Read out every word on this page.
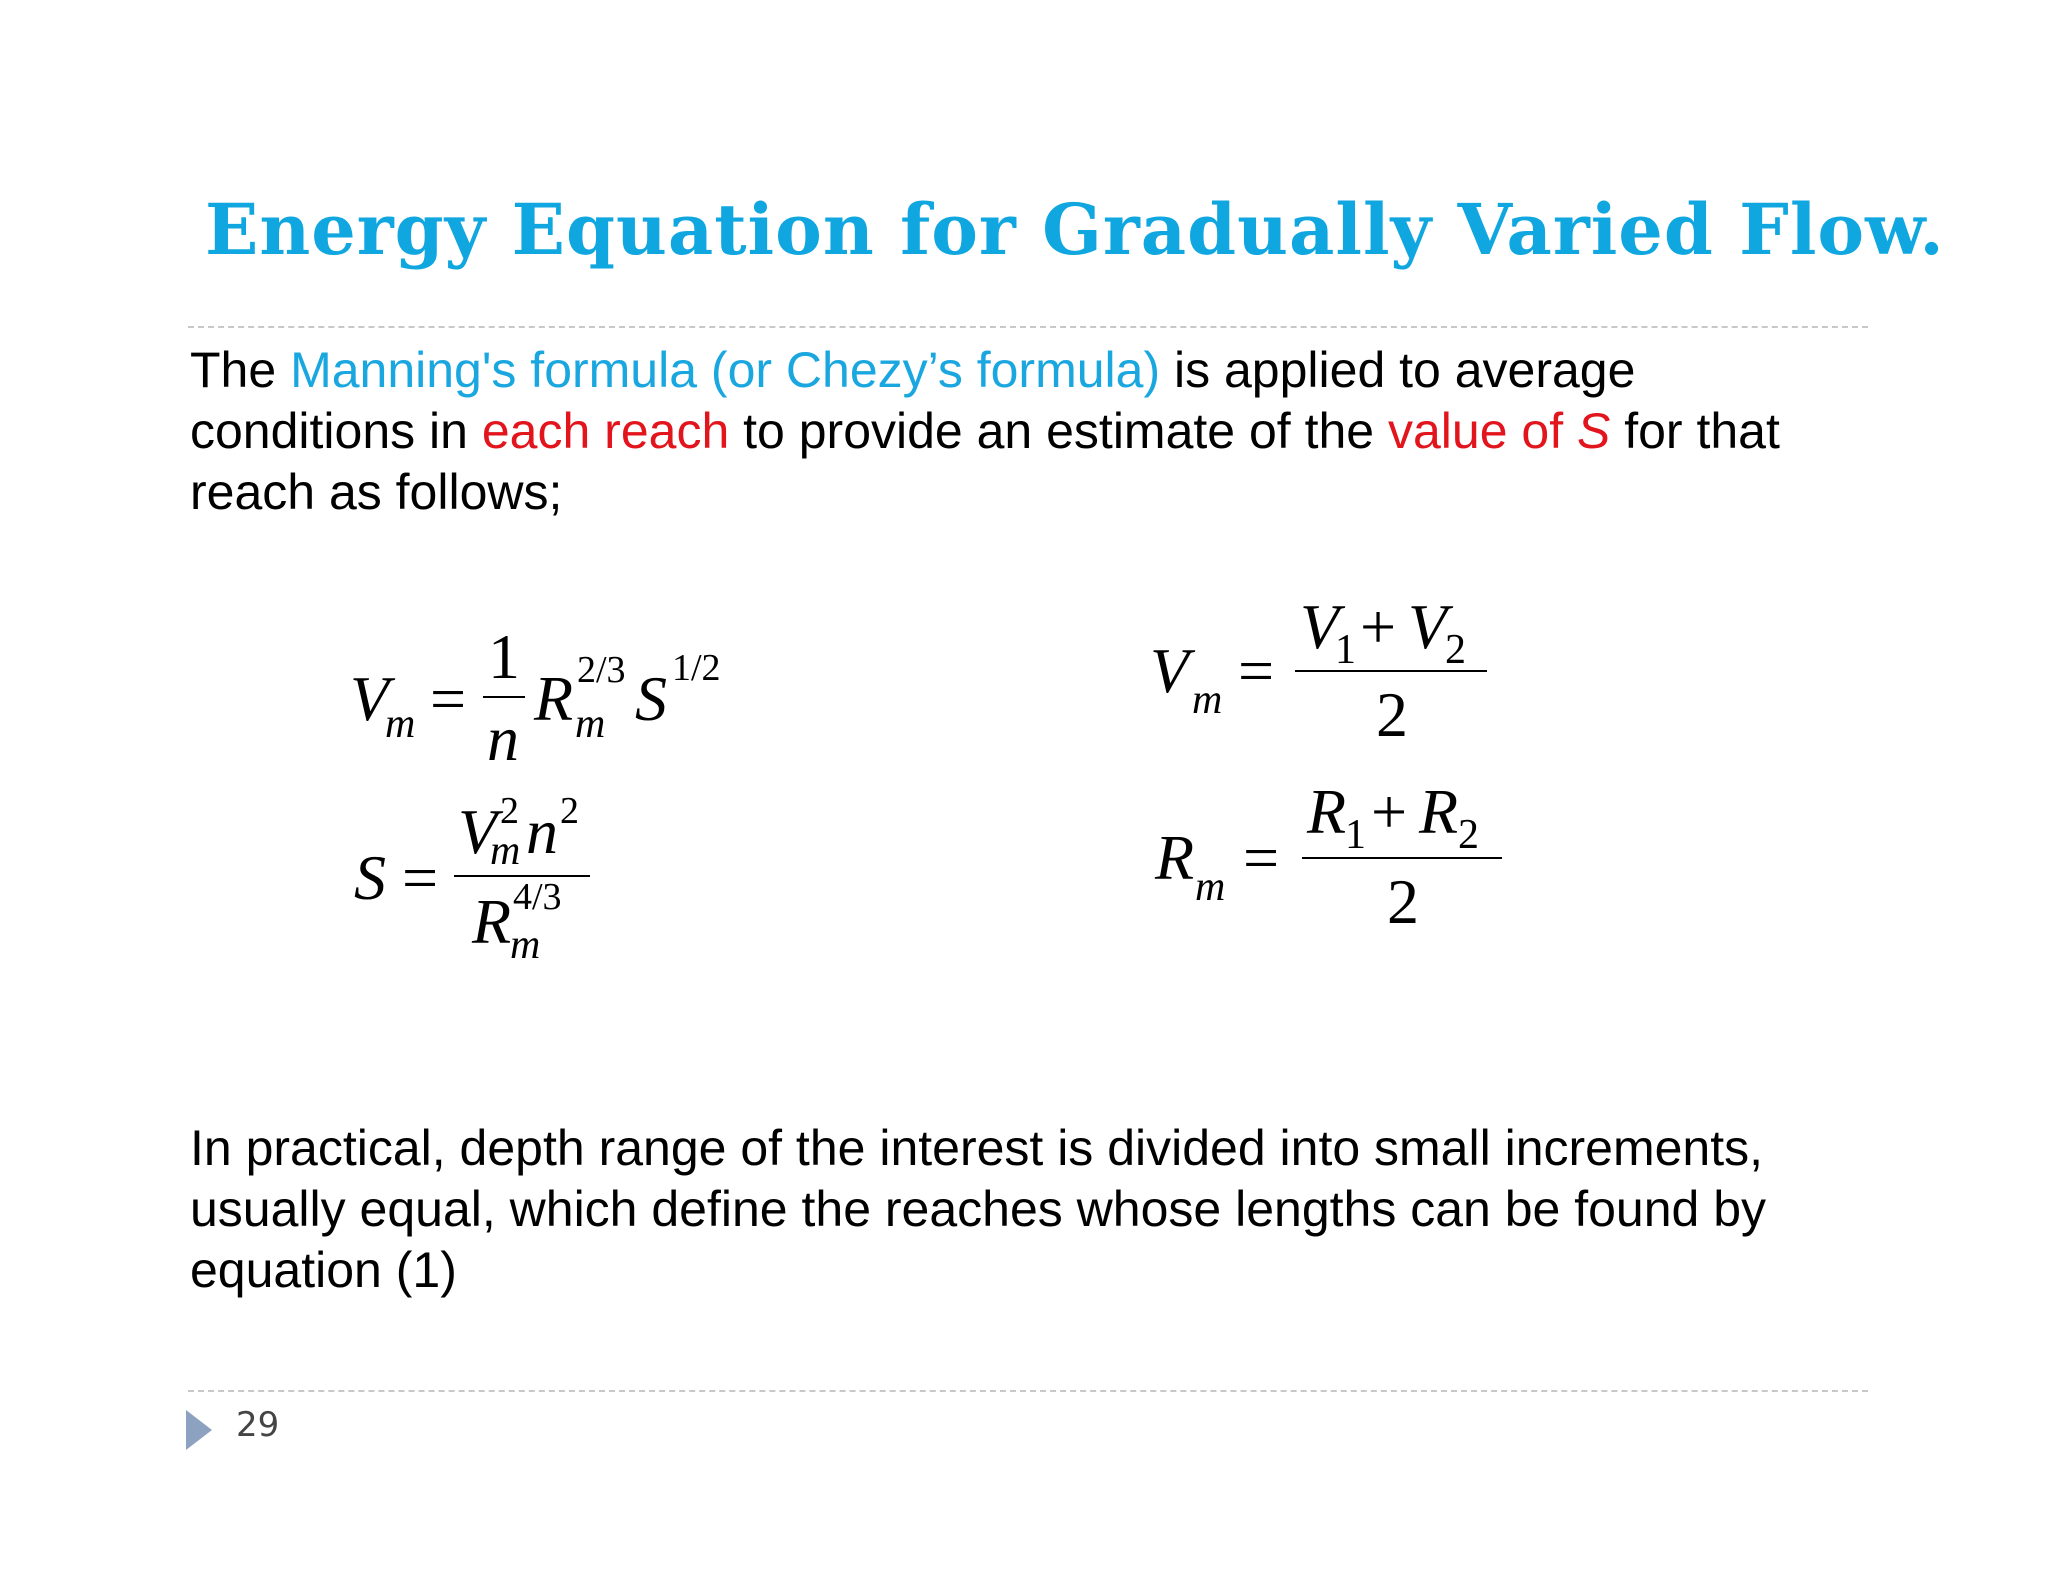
Energy Equation for Gradually Varied Flow.
The Manning's formula (or Chezy’s formula) is applied to average conditions in each reach to provide an estimate of the value of S for that reach as follows;
V
m =
1
n
R m
2/3 S 1/2
S =
V 2
m n 2
R 4/3
m
V m =
V
1 + V
2
2
R m =
R
1 + R 2
2
In practical, depth range of the interest is divided into small increments, usually equal, which define the reaches whose lengths can be found by equation (1)
29
